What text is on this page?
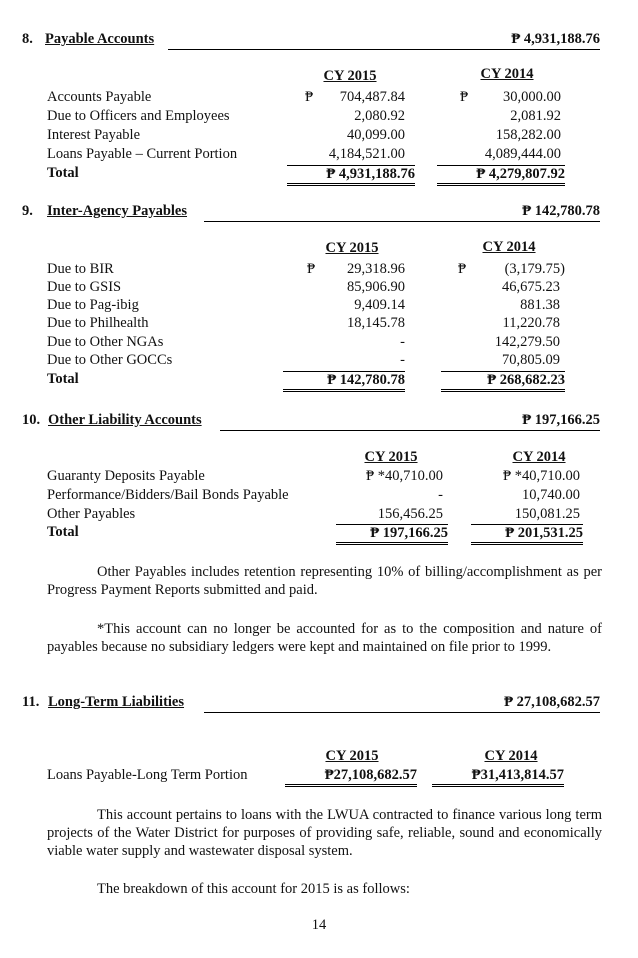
8. Payable Accounts	₱ 4,931,188.76
CY 2015	CY 2014
Accounts Payable	₱ 704,487.84	₱ 30,000.00
Due to Officers and Employees	2,080.92	2,081.92
Interest Payable	40,099.00	158,282.00
Loans Payable – Current Portion	4,184,521.00	4,089,444.00
Total	₱ 4,931,188.76	₱ 4,279,807.92
9. Inter-Agency Payables	₱ 142,780.78
CY 2015	CY 2014
Due to BIR	₱ 29,318.96	₱	(3,179.75)
Due to GSIS	85,906.90	46,675.23
Due to Pag-ibig	9,409.14	881.38
Due to Philhealth	18,145.78	11,220.78
Due to Other NGAs	-	142,279.50
Due to Other GOCCs	-	70,805.09
Total	₱ 142,780.78	₱ 268,682.23
10. Other Liability Accounts	₱ 197,166.25
CY 2015	CY 2014
Guaranty Deposits Payable	₱ *40,710.00	₱ *40,710.00
Performance/Bidders/Bail Bonds Payable	-	10,740.00
Other Payables	156,456.25	150,081.25
Total	₱ 197,166.25	₱ 201,531.25
Other Payables includes retention representing 10% of billing/accomplishment as per Progress Payment Reports submitted and paid.
*This account can no longer be accounted for as to the composition and nature of payables because no subsidiary ledgers were kept and maintained on file prior to 1999.
11. Long-Term Liabilities	₱ 27,108,682.57
CY 2015	CY 2014
Loans Payable-Long Term Portion	₱27,108,682.57	₱31,413,814.57
This account pertains to loans with the LWUA contracted to finance various long term projects of the Water District for purposes of providing safe, reliable, sound and economically viable water supply and wastewater disposal system.
The breakdown of this account for 2015 is as follows:
14
